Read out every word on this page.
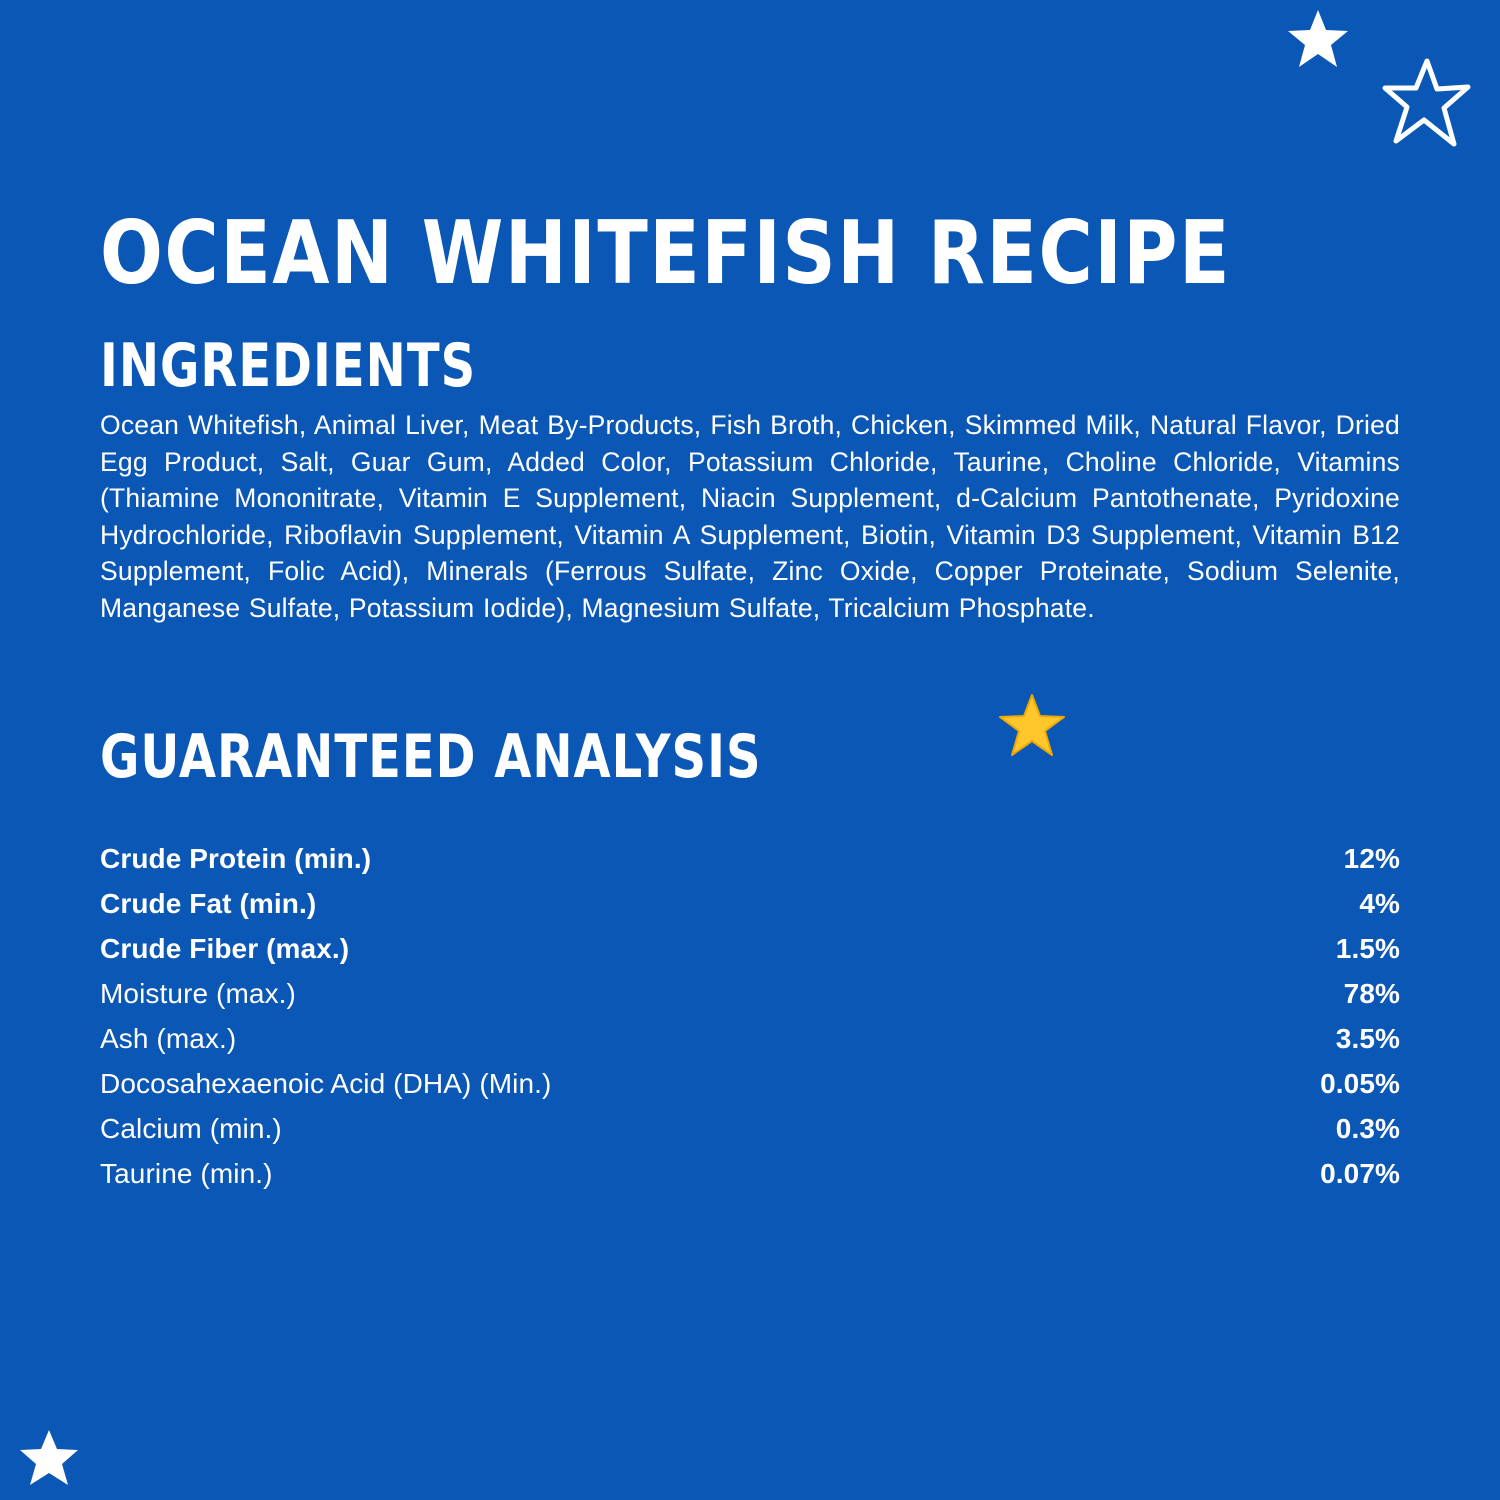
OCEAN WHITEFISH RECIPE
INGREDIENTS

Ocean Whitefish, Animal Liver, Meat By-Products, Fish Broth, Chicken, Skimmed Milk, Natural Flavor, Dried Egg Product, Salt, Guar Gum, Added Color, Potassium Chloride, Taurine, Choline Chloride, Vitamins (Thiamine Mononitrate, Vitamin E Supplement, Niacin Supplement, d-Calcium Pantothenate, Pyridoxine Hydrochloride, Riboflavin Supplement, Vitamin A Supplement, Biotin, Vitamin D3 Supplement, Vitamin B12 Supplement, Folic Acid), Minerals (Ferrous Sulfate, Zinc Oxide, Copper Proteinate, Sodium Selenite, Manganese Sulfate, Potassium Iodide), Magnesium Sulfate, Tricalcium Phosphate.

GUARANTEED ANALYSIS
Crude Protein (min.)	12%
Crude Fat (min.)	4%
Crude Fiber (max.)	1.5%
Moisture (max.)	78%
Ash (max.)	3.5%
Docosahexaenoic Acid (DHA) (Min.)	0.05%
Calcium (min.)	0.3%
Taurine (min.)	0.07%
